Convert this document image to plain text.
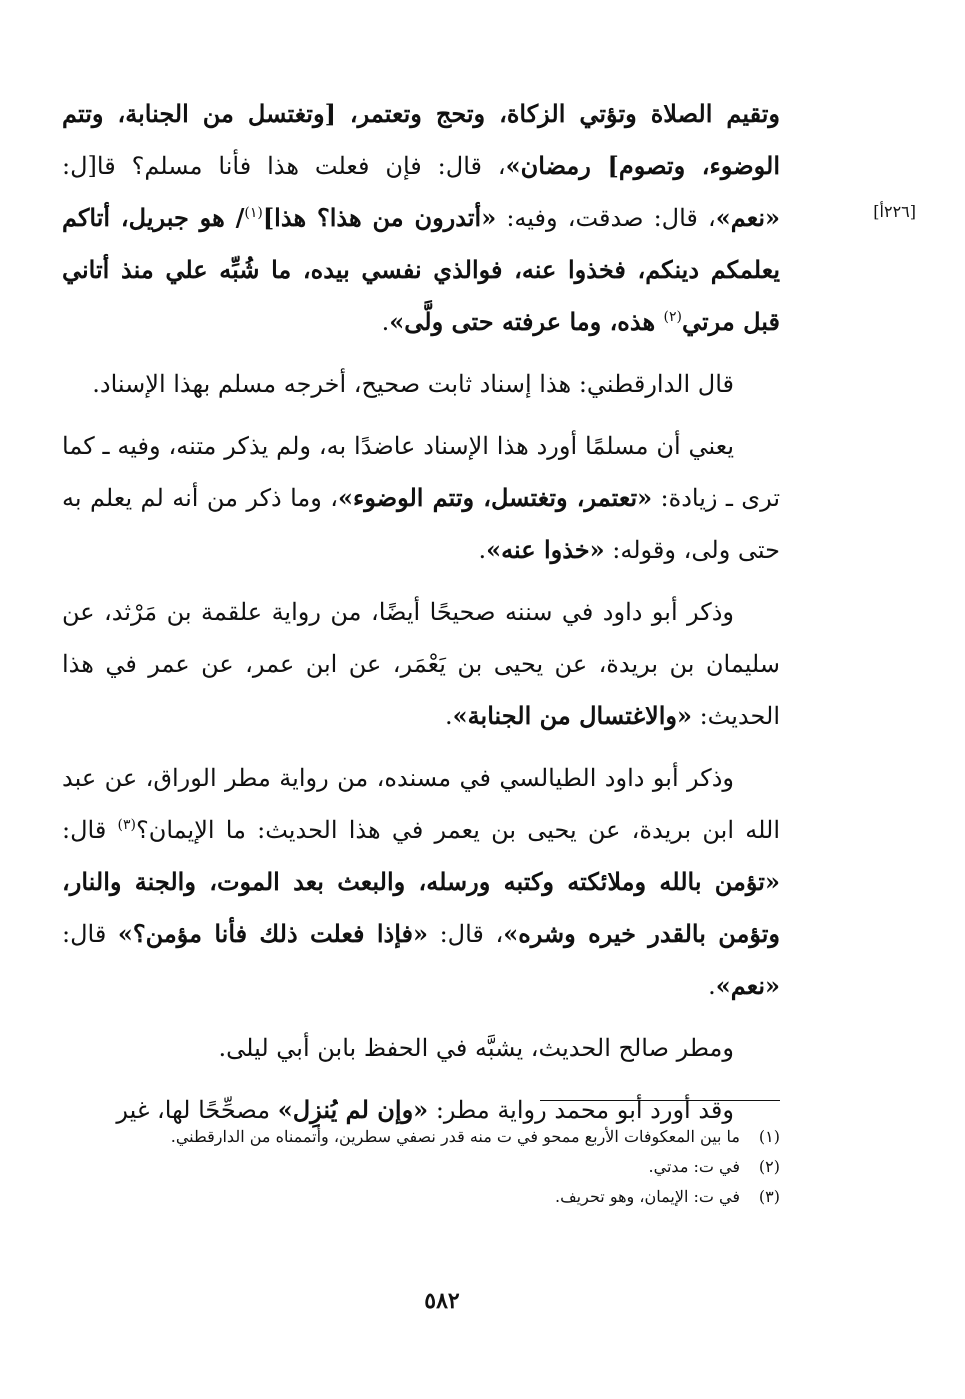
[٢٢٦أ]

وتقيم الصلاة وتؤتي الزكاة، وتحج وتعتمر، [وتغتسل من الجنابة، وتتم الوضوء، وتصوم] رمضان»، قال: فإن فعلت هذا فأنا مسلم؟ قا[ل: «نعم»، قال: صدقت، وفيه: «أتدرون من هذا؟ هذا]$^{(١)}$/ هو جبريل، أتاكم يعلمكم دينكم، فخذوا عنه، فوالذي نفسي بيده، ما شُبِّه علي منذ أتاني قبل مرتي$^{(٢)}$ هذه، وما عرفته حتى ولَّى».

قال الدارقطني: هذا إسناد ثابت صحيح، أخرجه مسلم بهذا الإسناد.

يعني أن مسلمًا أورد هذا الإسناد عاضدًا به، ولم يذكر متنه، وفيه ـ كما ترى ـ زيادة: «تعتمر، وتغتسل، وتتم الوضوء»، وما ذكر من أنه لم يعلم به حتى ولى، وقوله: «خذوا عنه».

وذكر أبو داود في سننه صحيحًا أيضًا، من رواية علقمة بن مَرْثد، عن سليمان بن بريدة، عن يحيى بن يَعْمَر، عن ابن عمر، عن عمر في هذا الحديث: «والاغتسال من الجنابة».

وذكر أبو داود الطيالسي في مسنده، من رواية مطر الوراق، عن عبد الله ابن بريدة، عن يحيى بن يعمر في هذا الحديث: ما الإيمان؟$^{(٣)}$ قال: «تؤمن بالله وملائكته وكتبه ورسله، والبعث بعد الموت، والجنة والنار، وتؤمن بالقدر خيره وشره»، قال: «فإذا فعلت ذلك فأنا مؤمن؟» قال: «نعم».

ومطر صالح الحديث، يشبَّه في الحفظ بابن أبي ليلى.

وقد أورد أبو محمد رواية مطر: «وإن لم يُنزِل» مصحِّحًا لها، غير

(١)
ما بين المعكوفات الأربع ممحو في ت منه قدر نصفي سطرين، وأتممناه من الدارقطني.
(٢)
في ت: مدتي.
(٣)
في ت: الإيمان، وهو تحريف.
٥٨٢
